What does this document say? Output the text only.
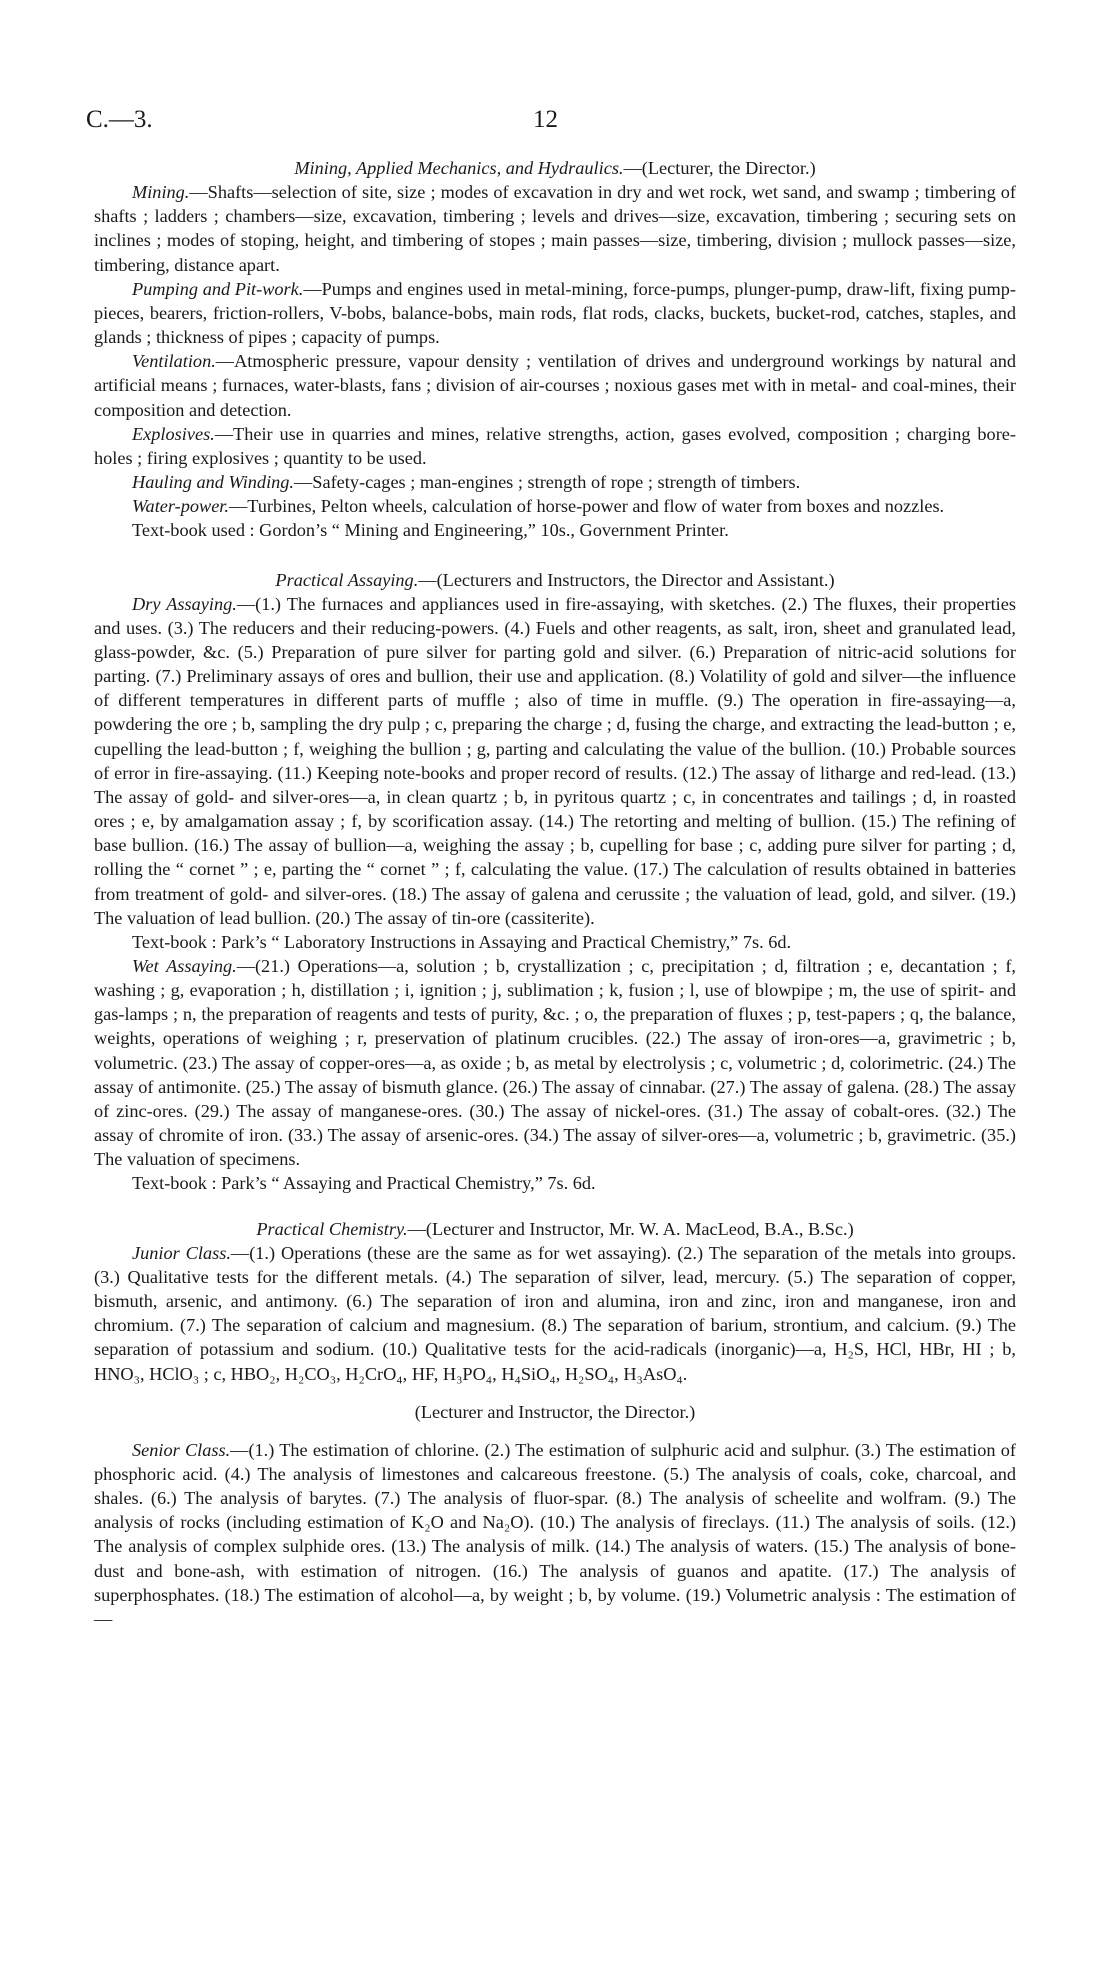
C.—3.	12

Mining, Applied Mechanics, and Hydraulics.—(Lecturer, the Director.)

Mining.—Shafts—selection of site, size ; modes of excavation in dry and wet rock, wet sand, and swamp ; timbering of shafts ; ladders ; chambers—size, excavation, timbering ; levels and drives—size, excavation, timbering ; securing sets on inclines ; modes of stoping, height, and timbering of stopes ; main passes—size, timbering, division ; mullock passes—size, timbering, distance apart.

Pumping and Pit-work.—Pumps and engines used in metal-mining, force-pumps, plunger-pump, draw-lift, fixing pump-pieces, bearers, friction-rollers, V-bobs, balance-bobs, main rods, flat rods, clacks, buckets, bucket-rod, catches, staples, and glands ; thickness of pipes ; capacity of pumps.

Ventilation.—Atmospheric pressure, vapour density ; ventilation of drives and underground workings by natural and artificial means ; furnaces, water-blasts, fans ; division of air-courses ; noxious gases met with in metal- and coal-mines, their composition and detection.

Explosives.—Their use in quarries and mines, relative strengths, action, gases evolved, composition ; charging bore-holes ; firing explosives ; quantity to be used.

Hauling and Winding.—Safety-cages ; man-engines ; strength of rope ; strength of timbers.

Water-power.—Turbines, Pelton wheels, calculation of horse-power and flow of water from boxes and nozzles.

Text-book used : Gordon’s “ Mining and Engineering,” 10s., Government Printer.

Practical Assaying.—(Lecturers and Instructors, the Director and Assistant.)

Dry Assaying.—(1.) The furnaces and appliances used in fire-assaying, with sketches. (2.) The fluxes, their properties and uses. (3.) The reducers and their reducing-powers. (4.) Fuels and other reagents, as salt, iron, sheet and granulated lead, glass-powder, &c. (5.) Preparation of pure silver for parting gold and silver. (6.) Preparation of nitric-acid solutions for parting. (7.) Preliminary assays of ores and bullion, their use and application. (8.) Volatility of gold and silver—the influence of different temperatures in different parts of muffle ; also of time in muffle. (9.) The operation in fire-assaying—a, powdering the ore ; b, sampling the dry pulp ; c, preparing the charge ; d, fusing the charge, and extracting the lead-button ; e, cupelling the lead-button ; f, weighing the bullion ; g, parting and calculating the value of the bullion. (10.) Probable sources of error in fire-assaying. (11.) Keeping note-books and proper record of results. (12.) The assay of litharge and red-lead. (13.) The assay of gold- and silver-ores—a, in clean quartz ; b, in pyritous quartz ; c, in concentrates and tailings ; d, in roasted ores ; e, by amalgamation assay ; f, by scorification assay. (14.) The retorting and melting of bullion. (15.) The refining of base bullion. (16.) The assay of bullion—a, weighing the assay ; b, cupelling for base ; c, adding pure silver for parting ; d, rolling the “ cornet ” ; e, parting the “ cornet ” ; f, calculating the value. (17.) The calculation of results obtained in batteries from treatment of gold- and silver-ores. (18.) The assay of galena and cerussite ; the valuation of lead, gold, and silver. (19.) The valuation of lead bullion. (20.) The assay of tin-ore (cassiterite).

Text-book : Park’s “ Laboratory Instructions in Assaying and Practical Chemistry,” 7s. 6d.

Wet Assaying.—(21.) Operations—a, solution ; b, crystallization ; c, precipitation ; d, filtration ; e, decantation ; f, washing ; g, evaporation ; h, distillation ; i, ignition ; j, sublimation ; k, fusion ; l, use of blowpipe ; m, the use of spirit- and gas-lamps ; n, the preparation of reagents and tests of purity, &c. ; o, the preparation of fluxes ; p, test-papers ; q, the balance, weights, operations of weighing ; r, preservation of platinum crucibles. (22.) The assay of iron-ores—a, gravimetric ; b, volumetric. (23.) The assay of copper-ores—a, as oxide ; b, as metal by electrolysis ; c, volumetric ; d, colorimetric. (24.) The assay of antimonite. (25.) The assay of bismuth glance. (26.) The assay of cinnabar. (27.) The assay of galena. (28.) The assay of zinc-ores. (29.) The assay of manganese-ores. (30.) The assay of nickel-ores. (31.) The assay of cobalt-ores. (32.) The assay of chromite of iron. (33.) The assay of arsenic-ores. (34.) The assay of silver-ores—a, volumetric ; b, gravimetric. (35.) The valuation of specimens.

Text-book : Park’s “ Assaying and Practical Chemistry,” 7s. 6d.

Practical Chemistry.—(Lecturer and Instructor, Mr. W. A. MacLeod, B.A., B.Sc.)

Junior Class.—(1.) Operations (these are the same as for wet assaying). (2.) The separation of the metals into groups. (3.) Qualitative tests for the different metals. (4.) The separation of silver, lead, mercury. (5.) The separation of copper, bismuth, arsenic, and antimony. (6.) The separation of iron and alumina, iron and zinc, iron and manganese, iron and chromium. (7.) The separation of calcium and magnesium. (8.) The separation of barium, strontium, and calcium. (9.) The separation of potassium and sodium. (10.) Qualitative tests for the acid-radicals (inorganic)—a, H₂S, HCl, HBr, HI ; b, HNO₃, HClO₃ ; c, HBO₂, H₂CO₃, H₂CrO₄, HF, H₃PO₄, H₄SiO₄, H₂SO₄, H₃AsO₄.

(Lecturer and Instructor, the Director.)

Senior Class.—(1.) The estimation of chlorine. (2.) The estimation of sulphuric acid and sulphur. (3.) The estimation of phosphoric acid. (4.) The analysis of limestones and calcareous freestone. (5.) The analysis of coals, coke, charcoal, and shales. (6.) The analysis of barytes. (7.) The analysis of fluor-spar. (8.) The analysis of scheelite and wolfram. (9.) The analysis of rocks (including estimation of K₂O and Na₂O). (10.) The analysis of fireclays. (11.) The analysis of soils. (12.) The analysis of complex sulphide ores. (13.) The analysis of milk. (14.) The analysis of waters. (15.) The analysis of bone-dust and bone-ash, with estimation of nitrogen. (16.) The analysis of guanos and apatite. (17.) The analysis of superphosphates. (18.) The estimation of alcohol—a, by weight ; b, by volume. (19.) Volumetric analysis : The estimation of—
